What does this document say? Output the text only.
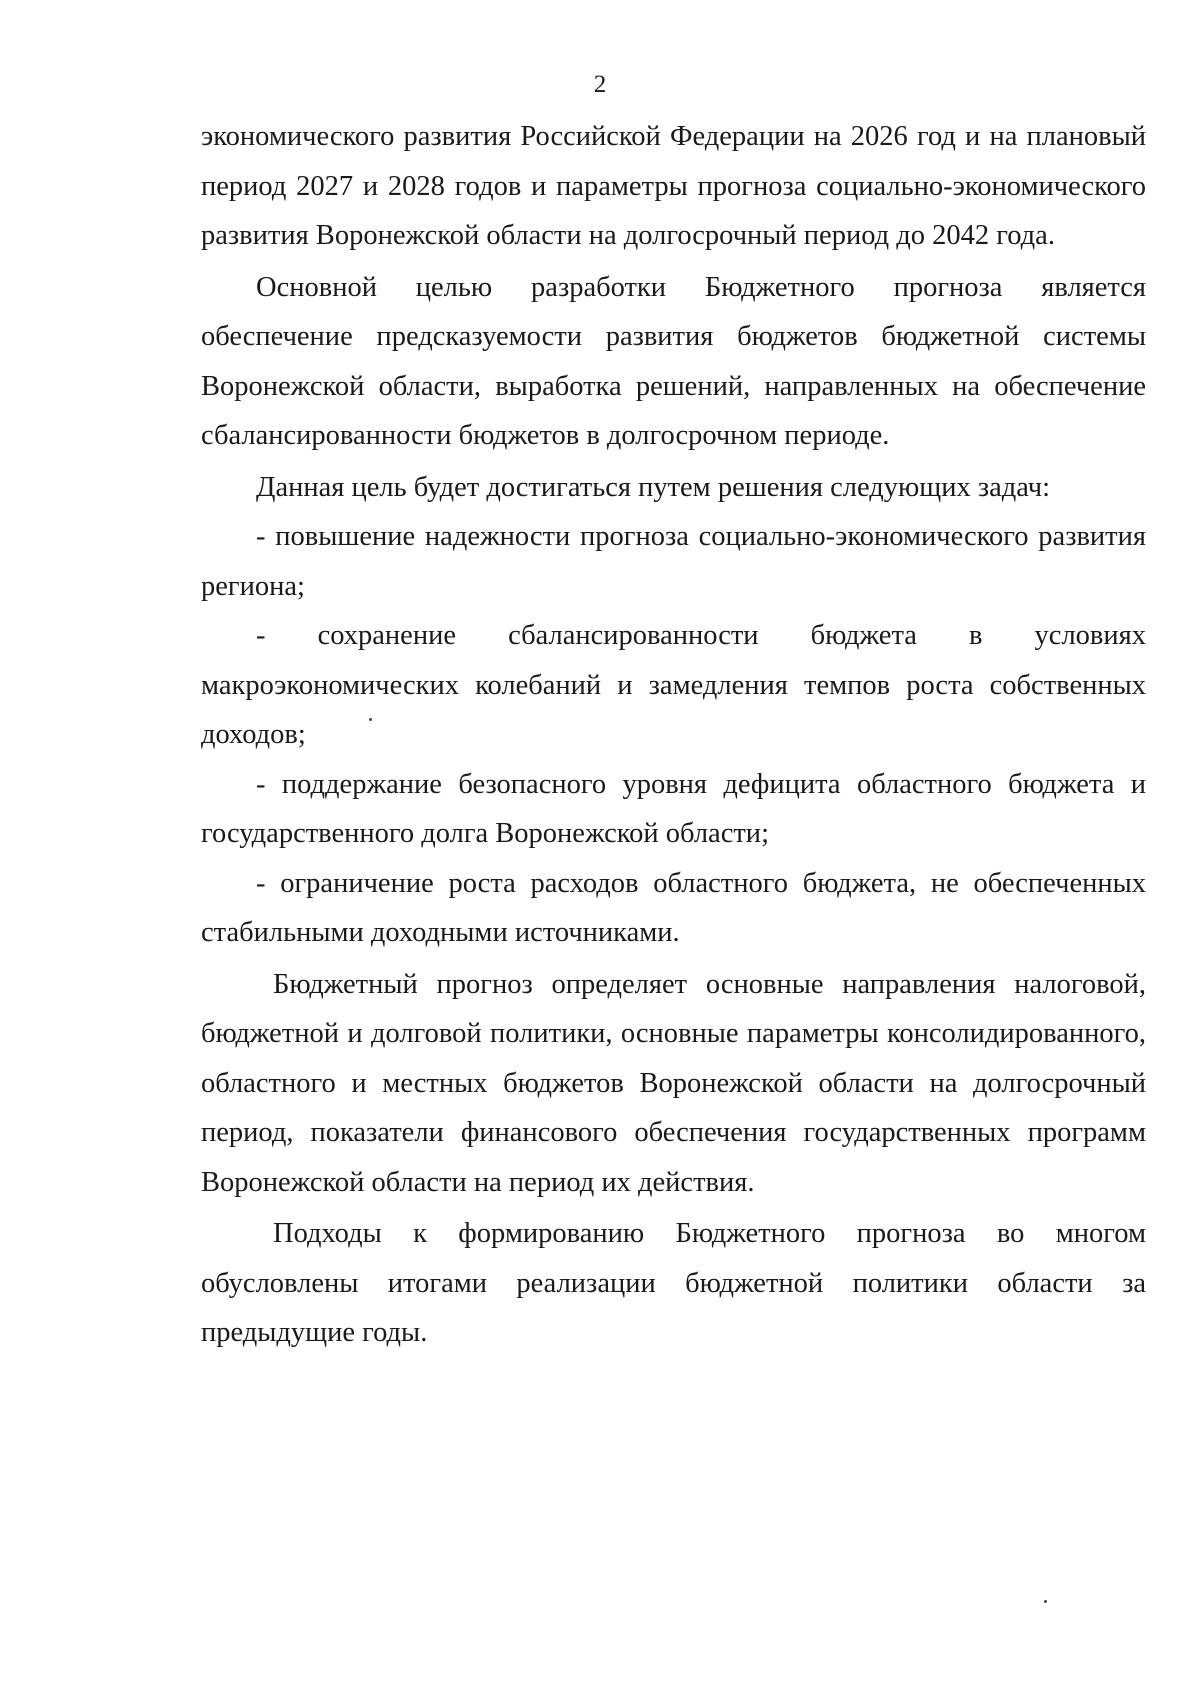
2

экономического развития Российской Федерации на 2026 год и на плановый период 2027 и 2028 годов и параметры прогноза социально-экономического развития Воронежской области на долгосрочный период до 2042 года.

Основной целью разработки Бюджетного прогноза является обеспечение предсказуемости развития бюджетов бюджетной системы Воронежской области, выработка решений, направленных на обеспечение сбалансированности бюджетов в долгосрочном периоде.

Данная цель будет достигаться путем решения следующих задач:

- повышение надежности прогноза социально-экономического развития региона;

- сохранение сбалансированности бюджета в условиях макроэкономических колебаний и замедления темпов роста собственных доходов;

- поддержание безопасного уровня дефицита областного бюджета и государственного долга Воронежской области;

- ограничение роста расходов областного бюджета, не обеспеченных стабильными доходными источниками.

Бюджетный прогноз определяет основные направления налоговой, бюджетной и долговой политики, основные параметры консолидированного, областного и местных бюджетов Воронежской области на долгосрочный период, показатели финансового обеспечения государственных программ Воронежской области на период их действия.

Подходы к формированию Бюджетного прогноза во многом обусловлены итогами реализации бюджетной политики области за предыдущие годы.
